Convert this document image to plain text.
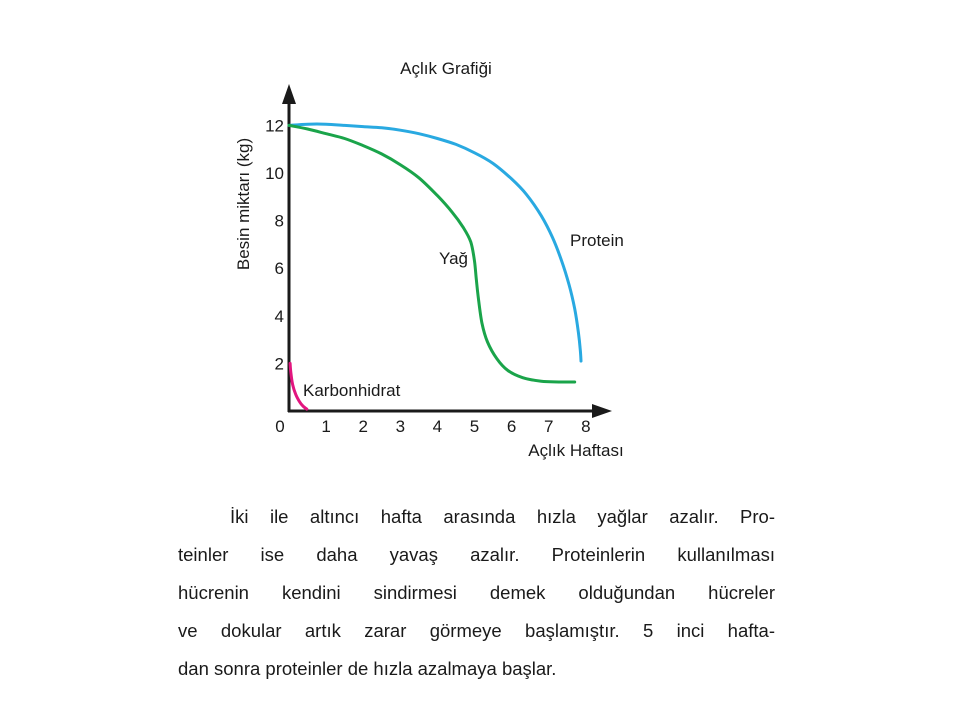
Açlık Grafiği
Besin miktarı (kg)
Açlık Haftası
0 1 2 3 4 5 6 7 8
2
4
6
8
10
12
Protein
Yağ
Karbonhidrat
İki ile altıncı hafta arasında hızla yağlar azalır. Pro-
teinler ise daha yavaş azalır. Proteinlerin kullanılması
hücrenin kendini sindirmesi demek olduğundan hücreler
ve dokular artık zarar görmeye başlamıştır. 5 inci hafta-
dan sonra proteinler de hızla azalmaya başlar.
